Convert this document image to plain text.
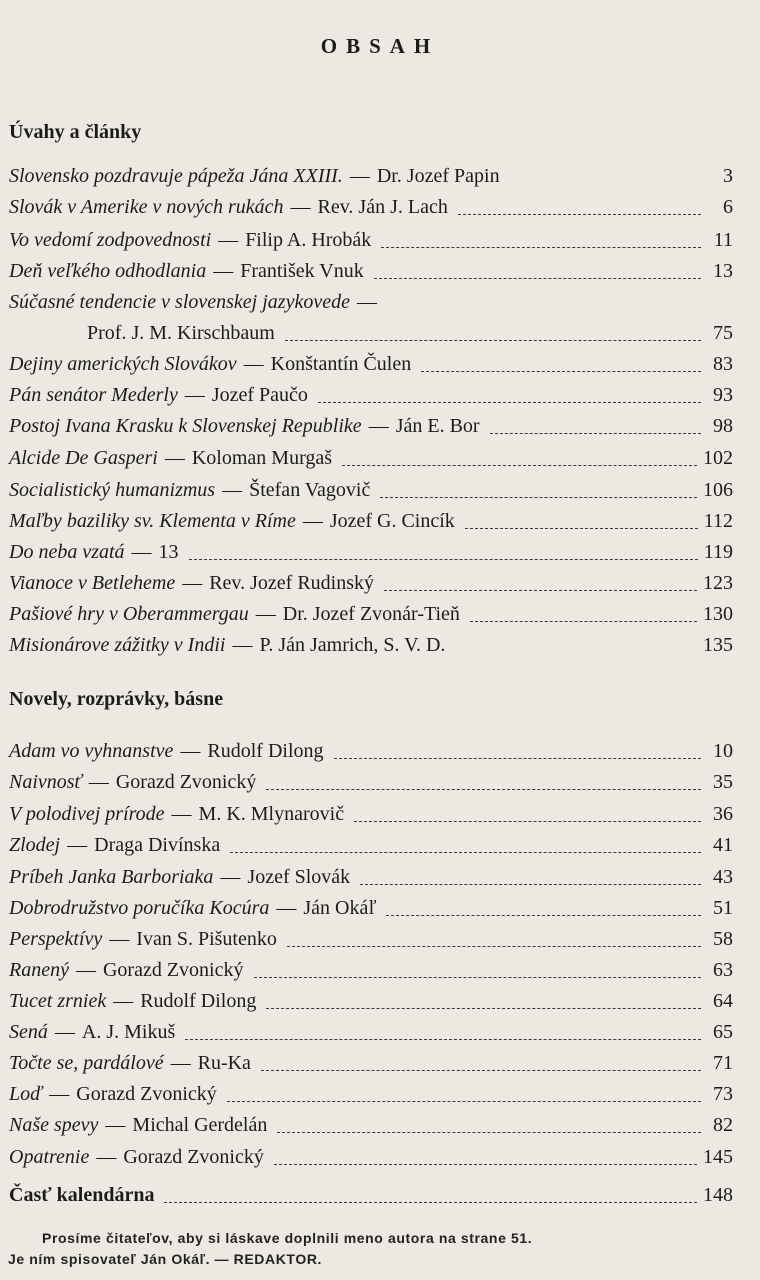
OBSAH
Úvahy a články
Slovensko pozdravuje pápeža Jána XXIII. — Dr. Jozef Papin	3
Slovák v Amerike v nových rukách — Rev. Ján J. Lach	6
Vo vedomí zodpovednosti — Filip A. Hrobák	11
Deň veľkého odhodlania — František Vnuk	13
Súčasné tendencie v slovenskej jazykovede —
Prof. J. M. Kirschbaum	75
Dejiny amerických Slovákov — Konštantín Čulen	83
Pán senátor Mederly — Jozef Paučo	93
Postoj Ivana Krasku k Slovenskej Republike — Ján E. Bor	98
Alcide De Gasperi — Koloman Murgaš	102
Socialistický humanizmus — Štefan Vagovič	106
Maľby baziliky sv. Klementa v Ríme — Jozef G. Cincík	112
Do neba vzatá — 13	119
Vianoce v Betleheme — Rev. Jozef Rudinský	123
Pašiové hry v Oberammergau — Dr. Jozef Zvonár-Tieň	130
Misionárove zážitky v Indii — P. Ján Jamrich, S. V. D.	135
Novely, rozprávky, básne
Adam vo vyhnanstve — Rudolf Dilong	10
Naivnosť — Gorazd Zvonický	35
V polodivej prírode — M. K. Mlynarovič	36
Zlodej — Draga Divínska	41
Príbeh Janka Barboriaka — Jozef Slovák	43
Dobrodružstvo poručíka Kocúra — Ján Okáľ	51
Perspektívy — Ivan S. Pišutenko	58
Ranený — Gorazd Zvonický	63
Tucet zrniek — Rudolf Dilong	64
Sená — A. J. Mikuš	65
Točte se, pardálové — Ru-Ka	71
Loď — Gorazd Zvonický	73
Naše spevy — Michal Gerdelán	82
Opatrenie — Gorazd Zvonický	145
Časť kalendárna	148
Prosíme čitateľov, aby si láskave doplnili meno autora na strane 51.
Je ním spisovateľ Ján Okáľ. — REDAKTOR.
